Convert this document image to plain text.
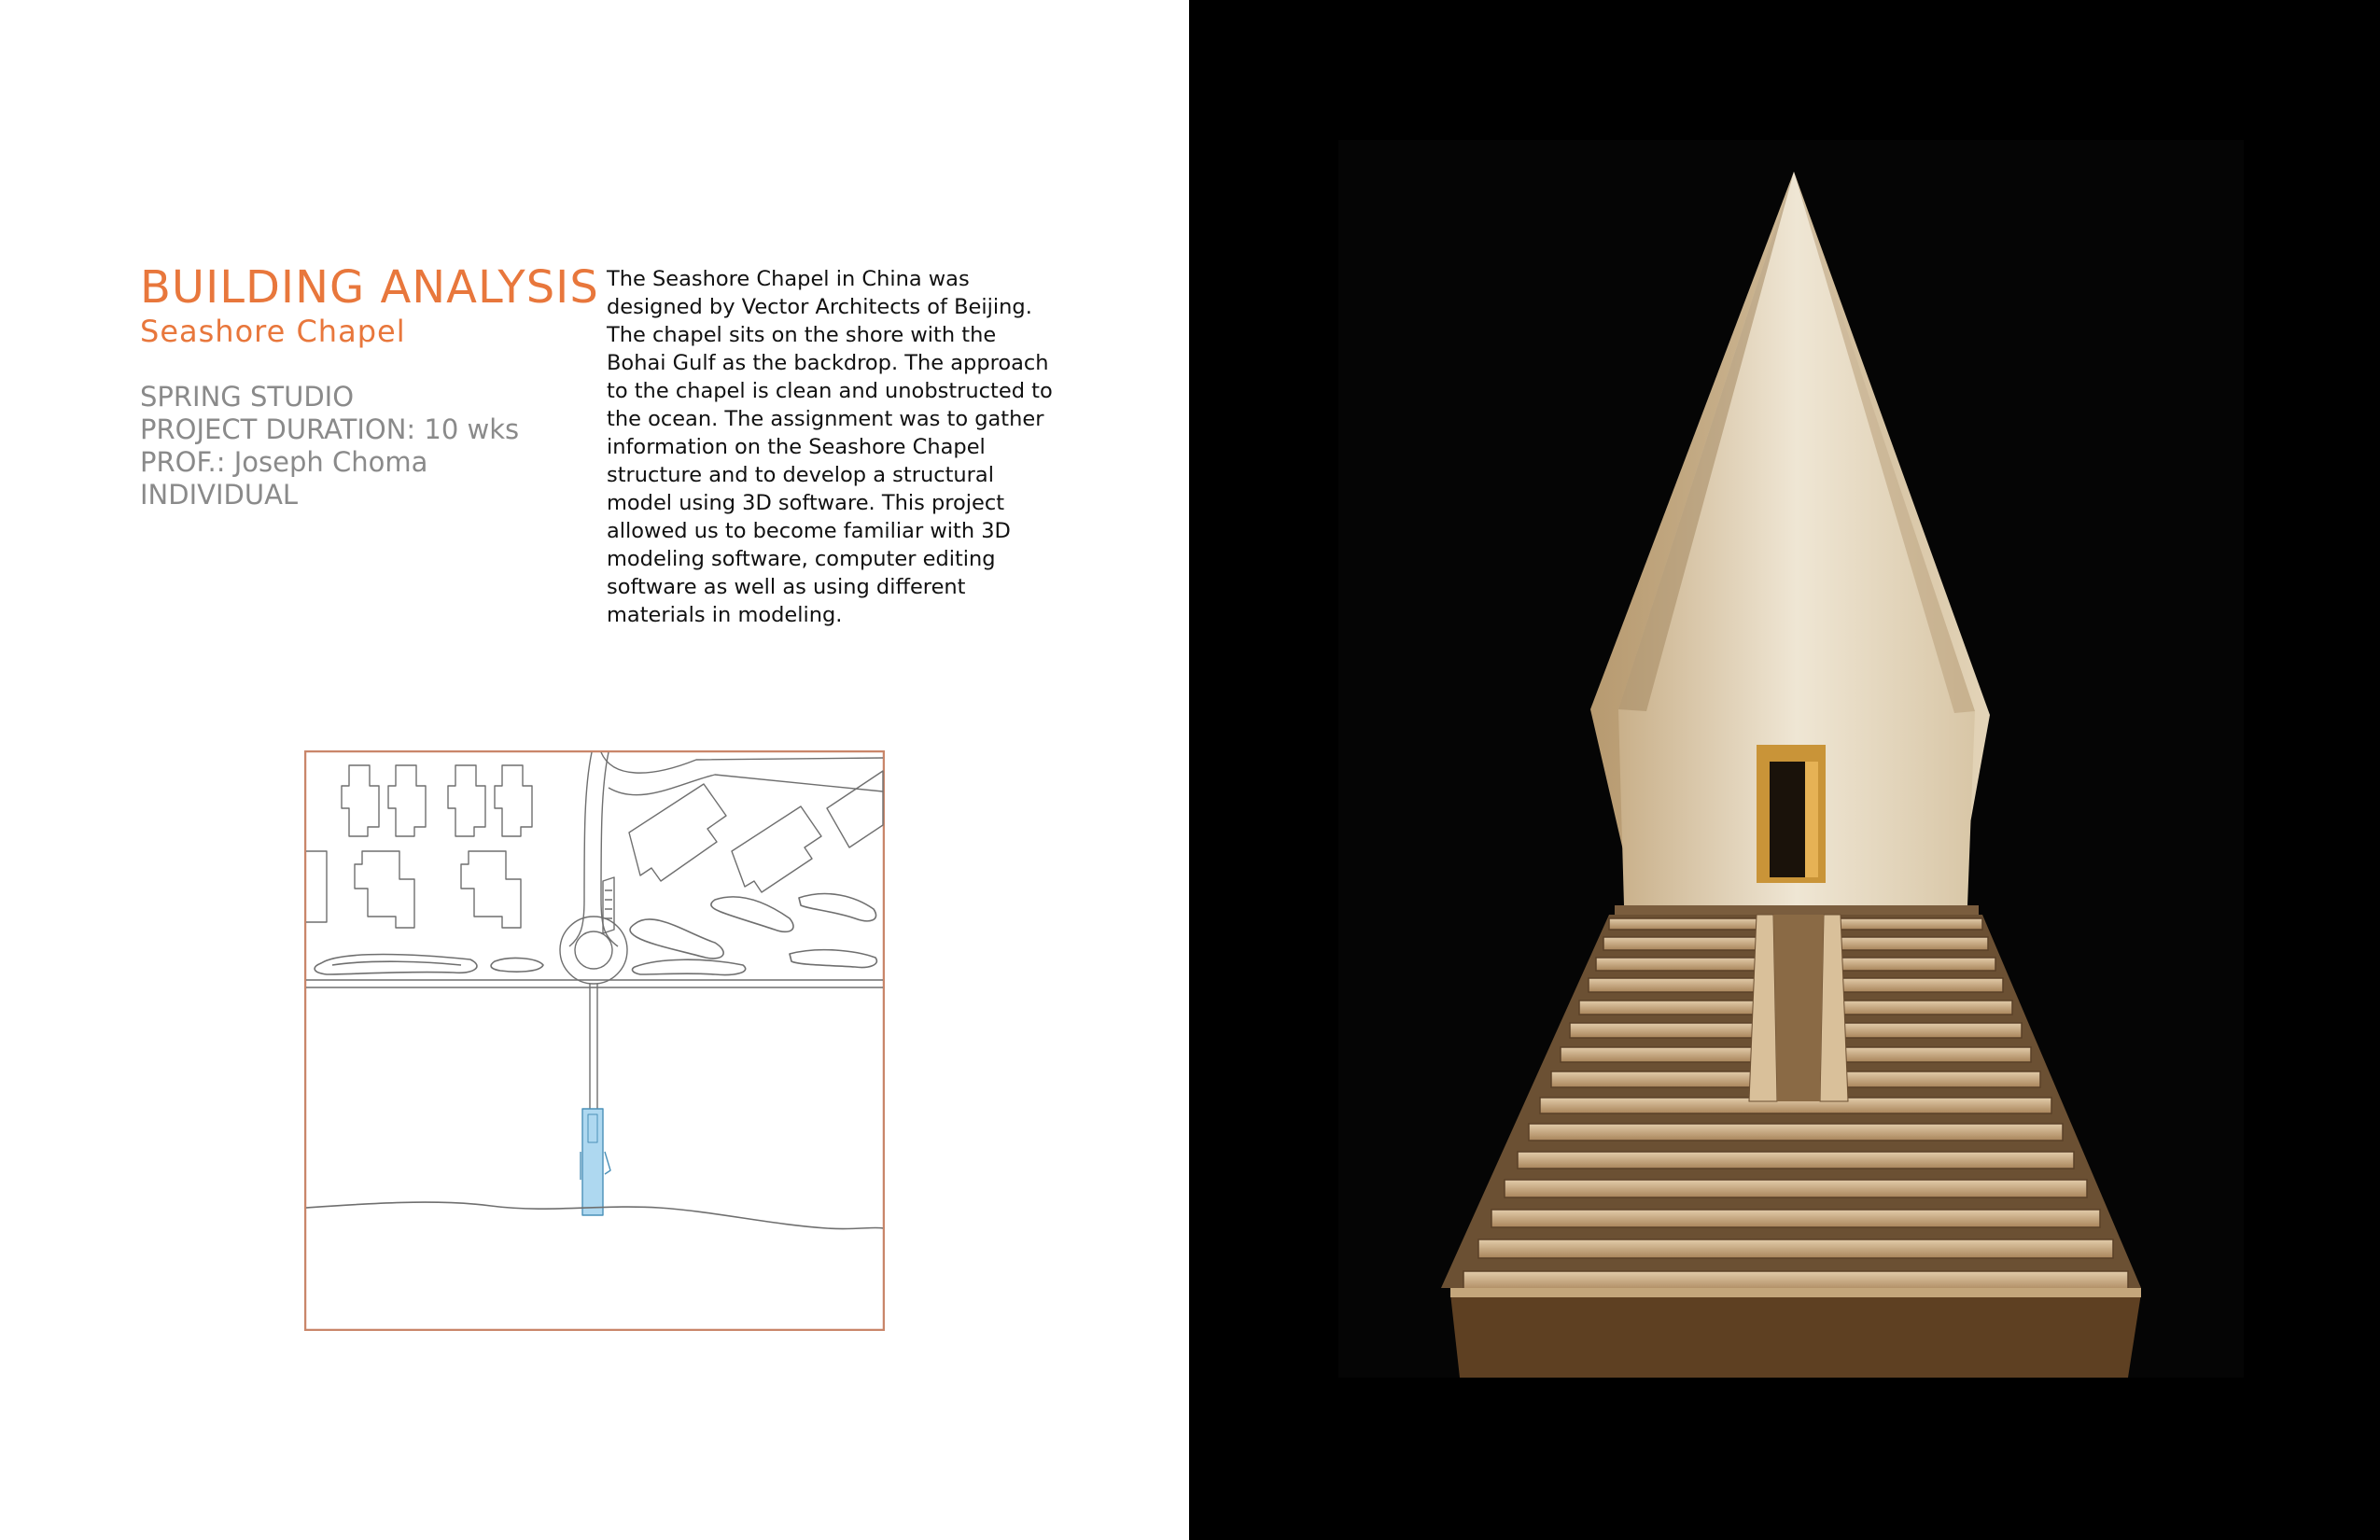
BUILDING ANALYSIS
Seashore Chapel
SPRING STUDIO
PROJECT DURATION: 10 wks
PROF.: Joseph Choma
INDIVIDUAL

The Seashore Chapel in China was designed by Vector Architects of Beijing. The chapel sits on the shore with the Bohai Gulf as the backdrop. The approach to the chapel is clean and unobstructed to the ocean. The assignment was to gather information on the Seashore Chapel structure and to develop a structural model using 3D software. This project allowed us to become familiar with 3D modeling software, computer editing software as well as using different materials in modeling.
